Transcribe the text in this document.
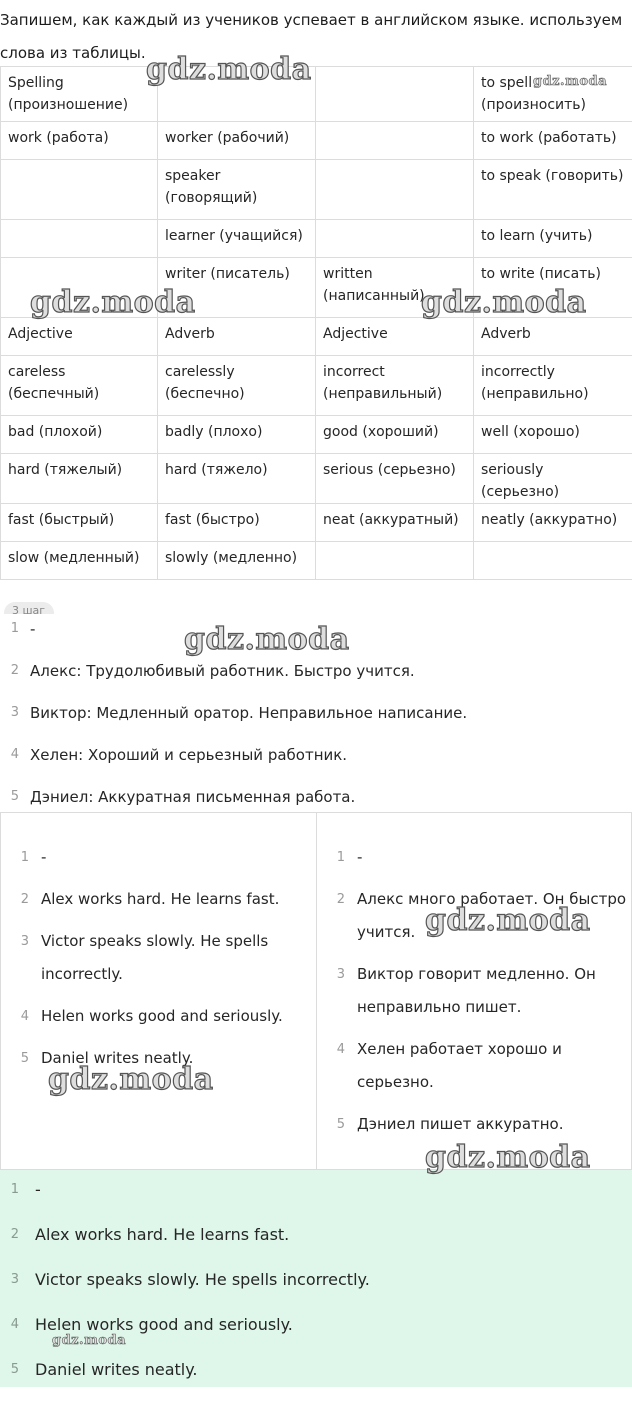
Запишем, как каждый из учеников успевает в английском языке. используем слова из таблицы.
Spelling (произношение)			to spell (произносить)
work (работа)	worker (рабочий)		to work (работать)
	speaker (говорящий)		to speak (говорить)
	learner (учащийся)		to learn (учить)
	writer (писатель)	written (написанный)	to write (писать)
Adjective	Adverb	Adjective	Adverb
careless (беспечный)	carelessly (беспечно)	incorrect (неправильный)	incorrectly (неправильно)
bad (плохой)	badly (плохо)	good (хороший)	well (хорошо)
hard (тяжелый)	hard (тяжело)	serious (серьезно)	seriously (серьезно)
fast (быстрый)	fast (быстро)	neat (аккуратный)	neatly (аккуратно)
slow (медленный)	slowly (медленно)		
3 шаг
1 -
2 Алекс: Трудолюбивый работник. Быстро учится.
3 Виктор: Медленный оратор. Неправильное написание.
4 Хелен: Хороший и серьезный работник.
5 Дэниел: Аккуратная письменная работа.
1 -
2 Alex works hard. He learns fast.
3 Victor speaks slowly. He spells incorrectly.
4 Helen works good and seriously.
5 Daniel writes neatly.
1 -
2 Алекс много работает. Он быстро учится.
3 Виктор говорит медленно. Он неправильно пишет.
4 Хелен работает хорошо и серьезно.
5 Дэниел пишет аккуратно.
1 -
2 Alex works hard. He learns fast.
3 Victor speaks slowly. He spells incorrectly.
4 Helen works good and seriously.
5 Daniel writes neatly.
gdz.moda	gdz.moda
gdz.moda	gdz.moda
gdz.moda
gdz.moda
gdz.moda
gdz.moda
gdz.moda
